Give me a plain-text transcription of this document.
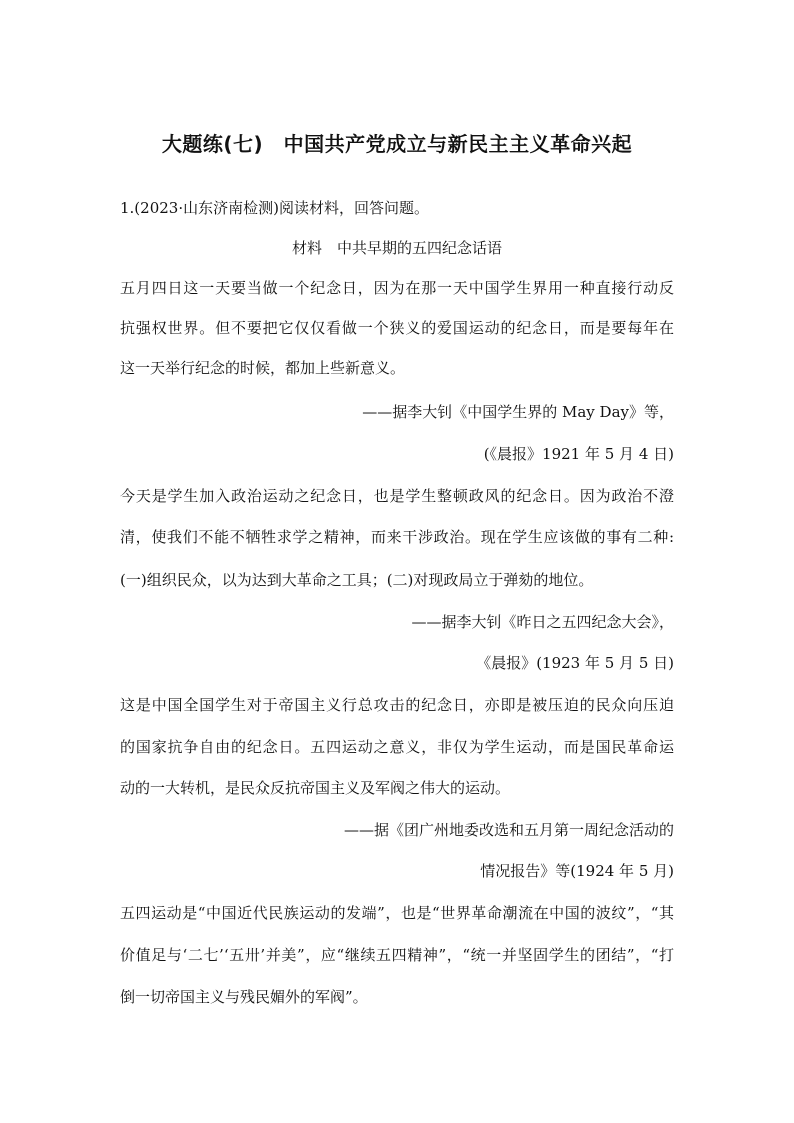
大题练(七)　中国共产党成立与新民主主义革命兴起
1.(2023·山东济南检测)阅读材料，回答问题。
材料　中共早期的五四纪念话语
五月四日这一天要当做一个纪念日，因为在那一天中国学生界用一种直接行动反
抗强权世界。但不要把它仅仅看做一个狭义的爱国运动的纪念日，而是要每年在
这一天举行纪念的时候，都加上些新意义。
——据李大钊《中国学生界的 May Day》等，
(《晨报》1921 年 5 月 4 日)
今天是学生加入政治运动之纪念日，也是学生整顿政风的纪念日。因为政治不澄
清，使我们不能不牺牲求学之精神，而来干涉政治。现在学生应该做的事有二种:
(一)组织民众，以为达到大革命之工具；(二)对现政局立于弹劾的地位。
——据李大钊《昨日之五四纪念大会》，
《晨报》(1923 年 5 月 5 日)
这是中国全国学生对于帝国主义行总攻击的纪念日，亦即是被压迫的民众向压迫
的国家抗争自由的纪念日。五四运动之意义，非仅为学生运动，而是国民革命运
动的一大转机，是民众反抗帝国主义及军阀之伟大的运动。
——据《团广州地委改选和五月第一周纪念活动的
情况报告》等(1924 年 5 月)
五四运动是“中国近代民族运动的发端”，也是“世界革命潮流在中国的波纹”，“其
价值足与‘二七’‘五卅’并美”，应“继续五四精神”，“统一并坚固学生的团结”，“打
倒一切帝国主义与残民媚外的军阀”。
